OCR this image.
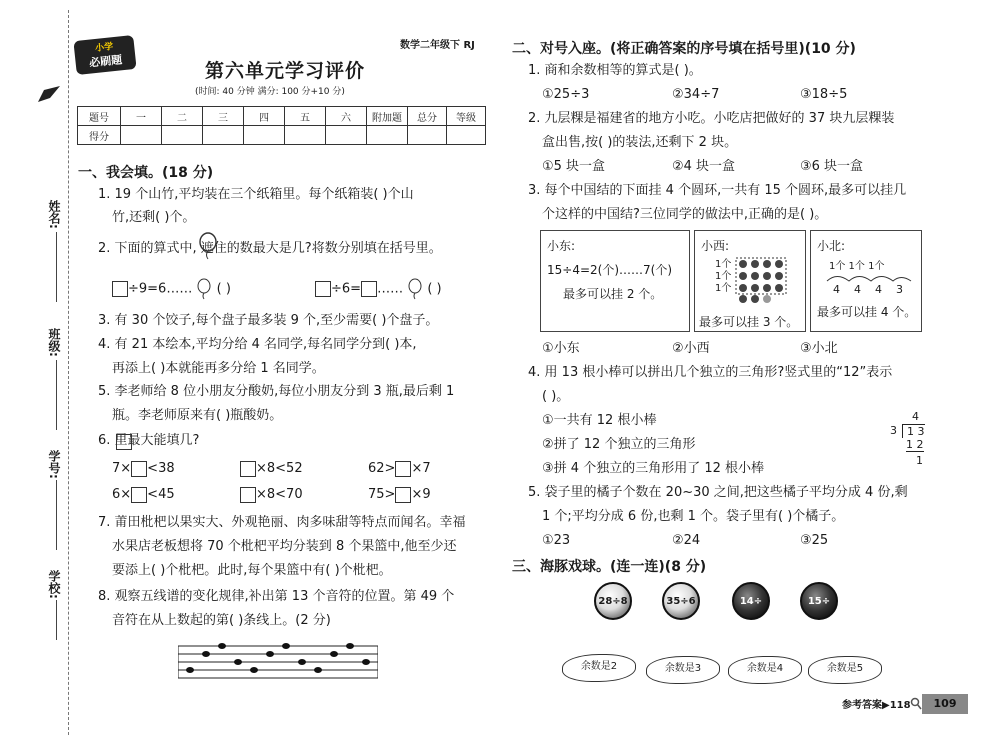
姓名:
班级:
学号:
学校:
小学
必刷题
数学二年级下 RJ
第六单元学习评价
(时间: 40 分钟 满分: 100 分+10 分)
题号	一	二	三	四	五	六	附加题	总分	等级
得分									
一、我会填。(18 分)
1. 19 个山竹,平均装在三个纸箱里。每个纸箱装( )个山
竹,还剩( )个。
2. 下面的算式中, 遮住的数最大是几?将数分别填在括号里。
÷9=6…… ( )	÷6= …… ( )
3. 有 30 个饺子,每个盘子最多装 9 个,至少需要( )个盘子。
4. 有 21 本绘本,平均分给 4 名同学,每名同学分到( )本,
再添上( )本就能再多分给 1 名同学。
5. 李老师给 8 位小朋友分酸奶,每位小朋友分到 3 瓶,最后剩 1
瓶。李老师原来有( )瓶酸奶。
6. 里最大能填几?
7× <38	×8<52	62> ×7
6× <45	×8<70	75> ×9
7. 莆田枇杷以果实大、外观艳丽、肉多味甜等特点而闻名。幸福
水果店老板想将 70 个枇杷平均分装到 8 个果篮中,他至少还
要添上( )个枇杷。此时,每个果篮中有( )个枇杷。
8. 观察五线谱的变化规律,补出第 13 个音符的位置。第 49 个
音符在从上数起的第( )条线上。(2 分)
二、对号入座。(将正确答案的序号填在括号里)(10 分)
1. 商和余数相等的算式是( )。
①25÷3	②34÷7	③18÷5
2. 九层粿是福建省的地方小吃。小吃店把做好的 37 块九层粿装
盒出售,按( )的装法,还剩下 2 块。
①5 块一盒	②4 块一盒	③6 块一盒
3. 每个中国结的下面挂 4 个圆环,一共有 15 个圆环,最多可以挂几
个这样的中国结?三位同学的做法中,正确的是( )。
小东:
15÷4=2(个)……7(个)
最多可以挂 2 个。
小西:
1个
1个
1个
最多可以挂 3 个。
小北:
1个 1个 1个
4    4    4    3
最多可以挂 4 个。
①小东	②小西	③小北
4. 用 13 根小棒可以拼出几个独立的三角形?竖式里的“12”表示
( )。
①一共有 12 根小棒
②拼了 12 个独立的三角形
③拼 4 个独立的三角形用了 12 根小棒
4
3 1 3
1 2
1
5. 袋子里的橘子个数在 20~30 之间,把这些橘子平均分成 4 份,剩
1 个;平均分成 6 份,也剩 1 个。袋子里有( )个橘子。
①23	②24	③25
三、海豚戏球。(连一连)(8 分)
28÷8	35÷6	14÷	15÷
余数是2	余数是3	余数是4	余数是5
参考答案▶118	109
